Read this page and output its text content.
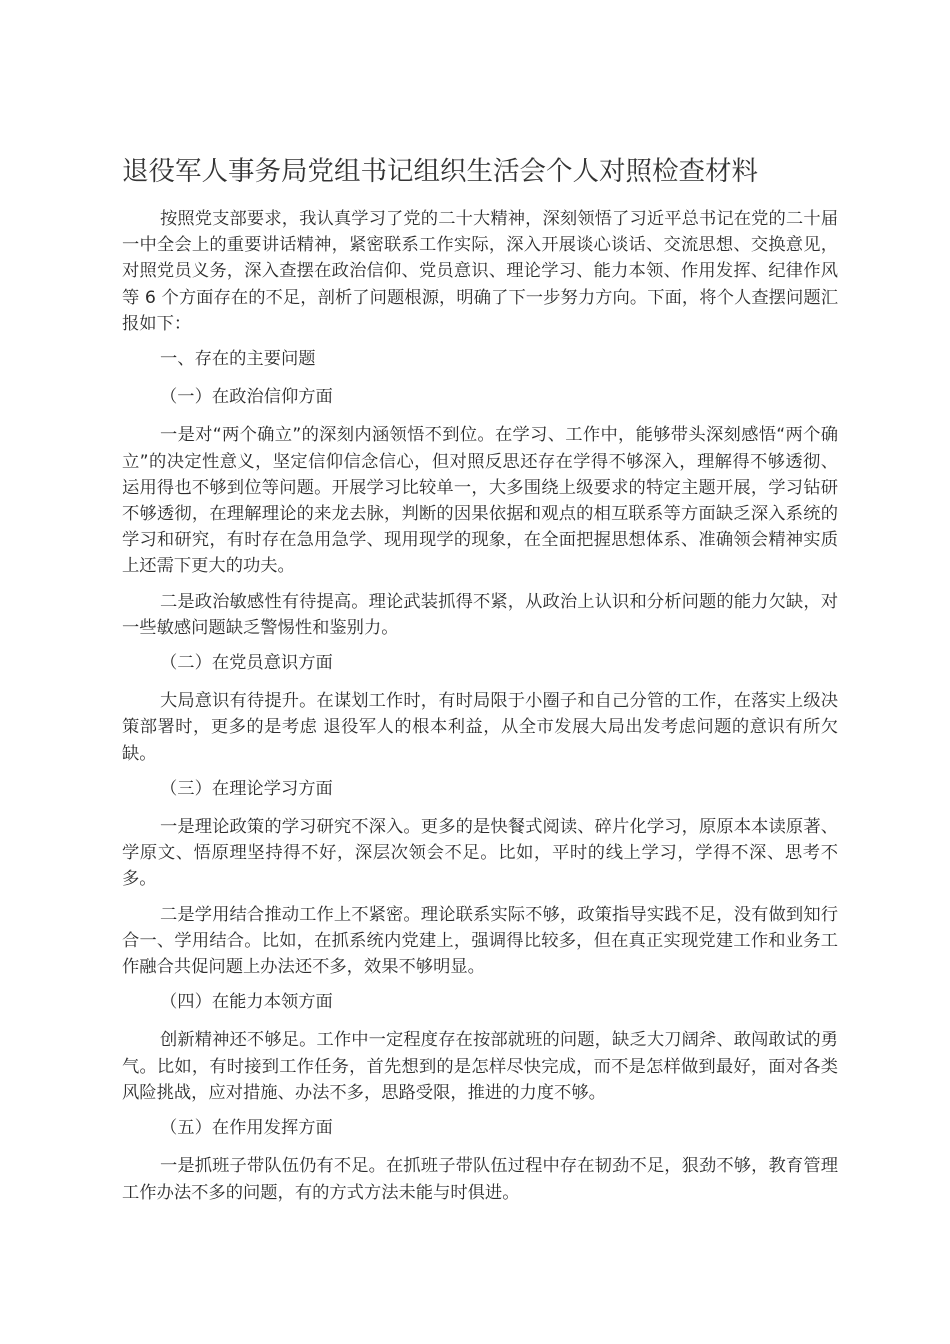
退役军人事务局党组书记组织生活会个人对照检查材料

按照党支部要求，我认真学习了党的二十大精神，深刻领悟了习近平总书记在党的二十届一中全会上的重要讲话精神，紧密联系工作实际，深入开展谈心谈话、交流思想、交换意见，对照党员义务，深入查摆在政治信仰、党员意识、理论学习、能力本领、作用发挥、纪律作风等 6 个方面存在的不足，剖析了问题根源，明确了下一步努力方向。下面，将个人查摆问题汇报如下：

一、存在的主要问题

（一）在政治信仰方面

一是对“两个确立”的深刻内涵领悟不到位。在学习、工作中，能够带头深刻感悟“两个确立”的决定性意义，坚定信仰信念信心，但对照反思还存在学得不够深入，理解得不够透彻、运用得也不够到位等问题。开展学习比较单一，大多围绕上级要求的特定主题开展，学习钻研不够透彻，在理解理论的来龙去脉，判断的因果依据和观点的相互联系等方面缺乏深入系统的学习和研究，有时存在急用急学、现用现学的现象，在全面把握思想体系、准确领会精神实质上还需下更大的功夫。

二是政治敏感性有待提高。理论武装抓得不紧，从政治上认识和分析问题的能力欠缺，对一些敏感问题缺乏警惕性和鉴别力。

（二）在党员意识方面

大局意识有待提升。在谋划工作时，有时局限于小圈子和自己分管的工作，在落实上级决策部署时，更多的是考虑 退役军人的根本利益，从全市发展大局出发考虑问题的意识有所欠缺。

（三）在理论学习方面

一是理论政策的学习研究不深入。更多的是快餐式阅读、碎片化学习，原原本本读原著、学原文、悟原理坚持得不好，深层次领会不足。比如，平时的线上学习，学得不深、思考不多。

二是学用结合推动工作上不紧密。理论联系实际不够，政策指导实践不足，没有做到知行合一、学用结合。比如，在抓系统内党建上，强调得比较多，但在真正实现党建工作和业务工作融合共促问题上办法还不多，效果不够明显。

（四）在能力本领方面

创新精神还不够足。工作中一定程度存在按部就班的问题，缺乏大刀阔斧、敢闯敢试的勇气。比如，有时接到工作任务，首先想到的是怎样尽快完成，而不是怎样做到最好，面对各类风险挑战，应对措施、办法不多，思路受限，推进的力度不够。

（五）在作用发挥方面

一是抓班子带队伍仍有不足。在抓班子带队伍过程中存在韧劲不足，狠劲不够，教育管理工作办法不多的问题，有的方式方法未能与时俱进。
